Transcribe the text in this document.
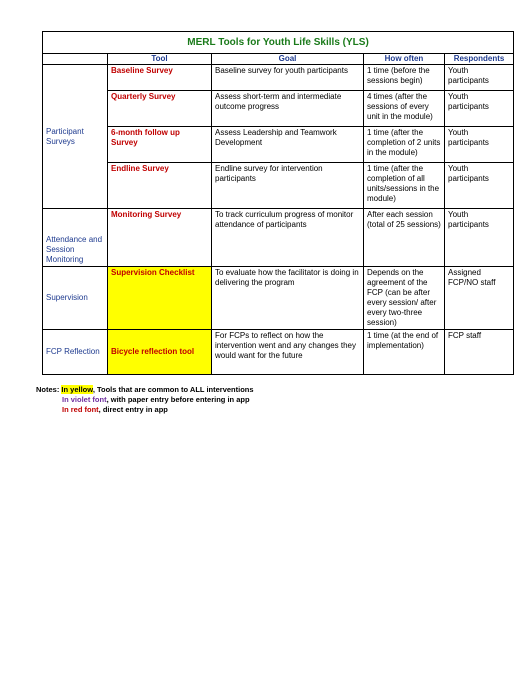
MERL Tools for Youth Life Skills (YLS)				
	Tool	Goal	How often	Respondents
Participant Surveys	Baseline Survey	Baseline survey for youth participants	1 time (before the sessions begin)	Youth participants
	Quarterly Survey	Assess short-term and intermediate outcome progress	4 times (after the sessions of every unit in the module)	Youth participants
	6-month follow up Survey	Assess Leadership and Teamwork Development	1 time (after the completion of 2 units in the module)	Youth participants
	Endline Survey	Endline survey for intervention participants	1 time (after the completion of all units/sessions in the module)	Youth participants
Attendance and Session Monitoring	Monitoring Survey	To track curriculum progress of monitor attendance of participants	After each session (total of 25 sessions)	Youth participants
Supervision	Supervision Checklist	To evaluate how the facilitator is doing in delivering the program	Depends on the agreement of the FCP (can be after every session/ after every two-three session)	Assigned FCP/NO staff
FCP Reflection	Bicycle reflection tool	For FCPs to reflect on how the intervention went and any changes they would want for the future	1 time (at the end of implementation)	FCP staff
Notes: In yellow, Tools that are common to ALL interventions
In violet font, with paper entry before entering in app
In red font, direct entry in app
